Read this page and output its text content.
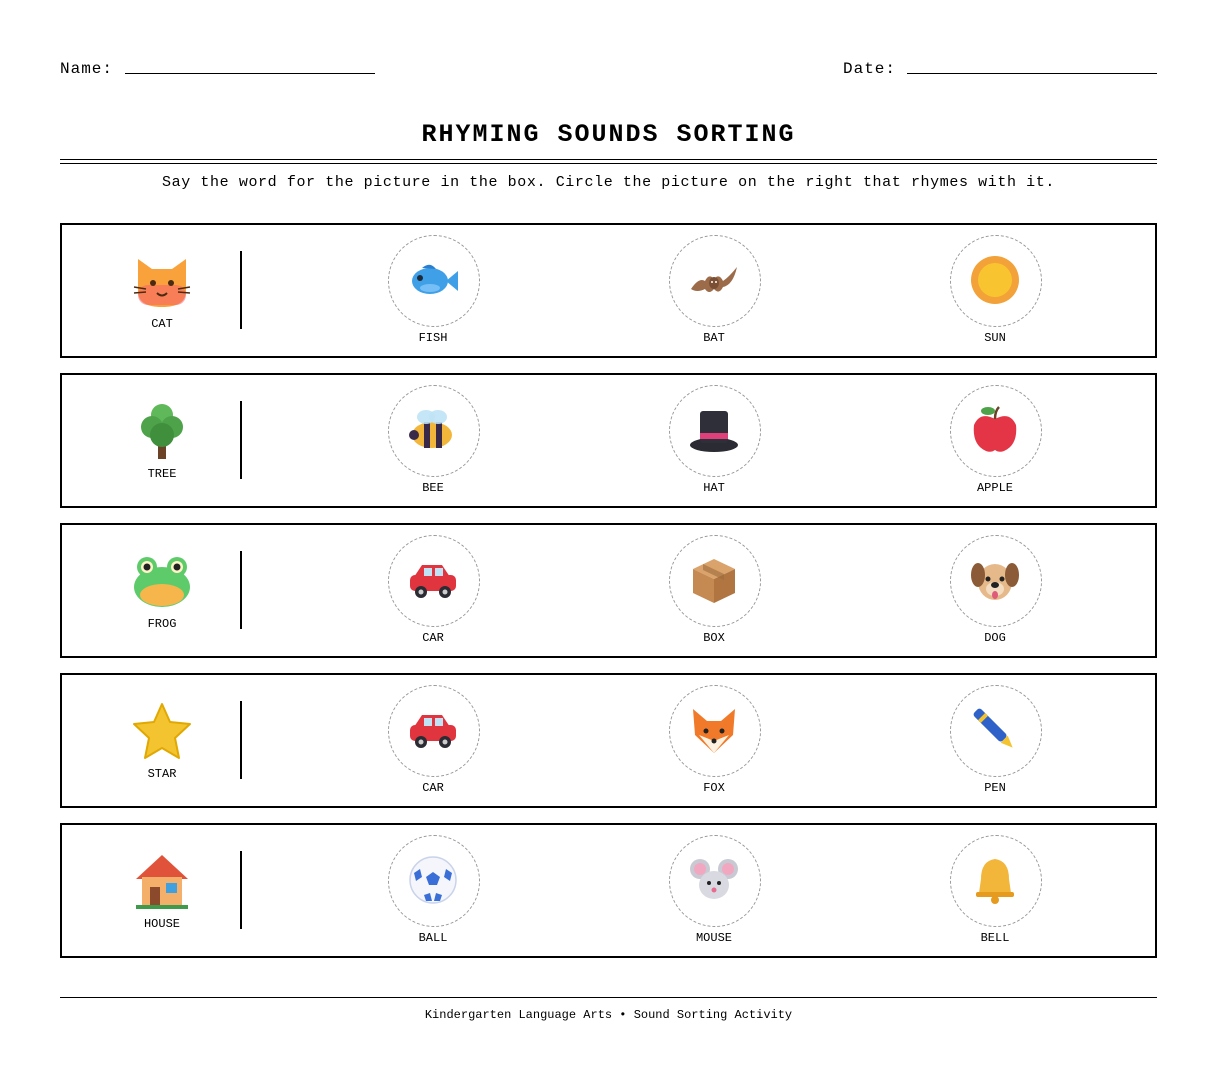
Name:	Date:
RHYMING SOUNDS SORTING
Say the word for the picture in the box. Circle the picture on the right that rhymes with it.
CAT
FISH	BAT	SUN
TREE
BEE	HAT	APPLE
FROG
CAR	BOX	DOG
STAR
CAR	FOX	PEN
HOUSE
BALL	MOUSE	BELL
Kindergarten Language Arts • Sound Sorting Activity
